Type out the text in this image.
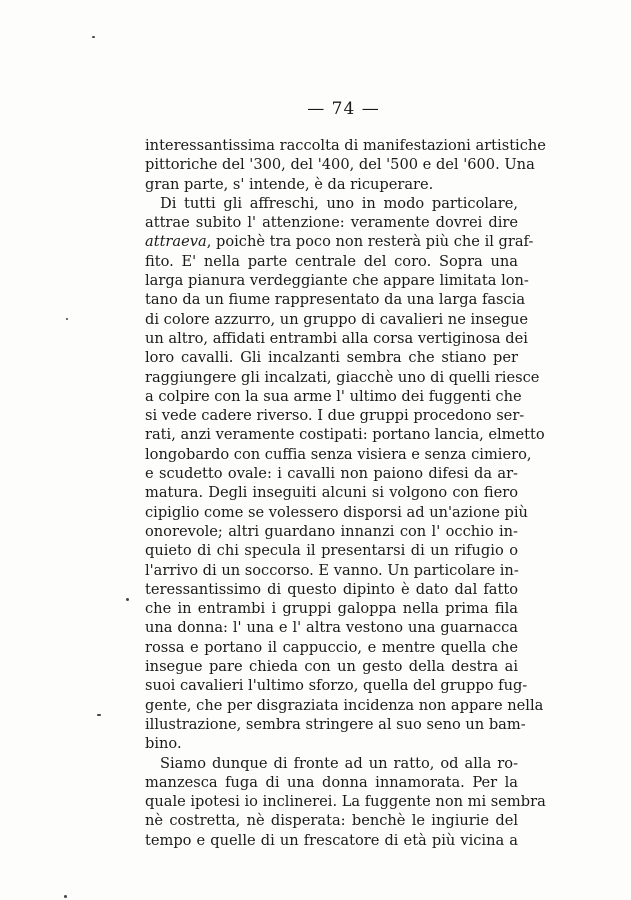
— 74 —
interessantissima raccolta di manifestazioni artistiche
pittoriche del '300, del '400, del '500 e del '600. Una
gran parte, s' intende, è da ricuperare.
Di tutti gli affreschi, uno in modo particolare,
attrae subito l' attenzione: veramente dovrei dire
attraeva, poichè tra poco non resterà più che il graf-
fito. E' nella parte centrale del coro. Sopra una
larga pianura verdeggiante che appare limitata lon-
tano da un fiume rappresentato da una larga fascia
di colore azzurro, un gruppo di cavalieri ne insegue
un altro, affidati entrambi alla corsa vertiginosa dei
loro cavalli. Gli incalzanti sembra che stiano per
raggiungere gli incalzati, giacchè uno di quelli riesce
a colpire con la sua arme l' ultimo dei fuggenti che
si vede cadere riverso. I due gruppi procedono ser-
rati, anzi veramente costipati: portano lancia, elmetto
longobardo con cuffia senza visiera e senza cimiero,
e scudetto ovale: i cavalli non paiono difesi da ar-
matura. Degli inseguiti alcuni si volgono con fiero
cipiglio come se volessero disporsi ad un'azione più
onorevole; altri guardano innanzi con l' occhio in-
quieto di chi specula il presentarsi di un rifugio o
l'arrivo di un soccorso. E vanno. Un particolare in-
teressantissimo di questo dipinto è dato dal fatto
che in entrambi i gruppi galoppa nella prima fila
una donna: l' una e l' altra vestono una guarnacca
rossa e portano il cappuccio, e mentre quella che
insegue pare chieda con un gesto della destra ai
suoi cavalieri l'ultimo sforzo, quella del gruppo fug-
gente, che per disgraziata incidenza non appare nella
illustrazione, sembra stringere al suo seno un bam-
bino.
Siamo dunque di fronte ad un ratto, od alla ro-
manzesca fuga di una donna innamorata. Per la
quale ipotesi io inclinerei. La fuggente non mi sembra
nè costretta, nè disperata: benchè le ingiurie del
tempo e quelle di un frescatore di età più vicina a
